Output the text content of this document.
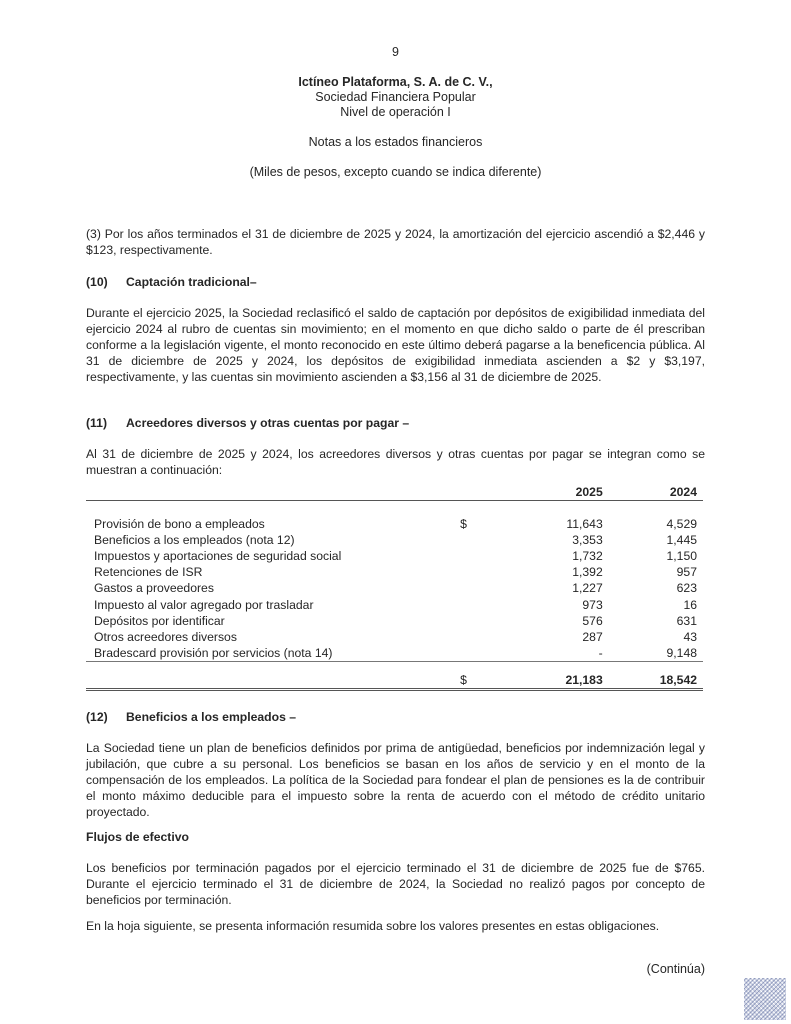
9
Ictíneo Plataforma, S. A. de C. V.,
Sociedad Financiera Popular
Nivel de operación I
Notas a los estados financieros
(Miles de pesos, excepto cuando se indica diferente)

(3) Por los años terminados el 31 de diciembre de 2025 y 2024, la amortización del ejercicio ascendió a $2,446 y $123, respectivamente.

(10) Captación tradicional–

Durante el ejercicio 2025, la Sociedad reclasificó el saldo de captación por depósitos de exigibilidad inmediata del ejercicio 2024 al rubro de cuentas sin movimiento; en el momento en que dicho saldo o parte de él prescriban conforme a la legislación vigente, el monto reconocido en este último deberá pagarse a la beneficencia pública. Al 31 de diciembre de 2025 y 2024, los depósitos de exigibilidad inmediata ascienden a $2 y $3,197, respectivamente, y las cuentas sin movimiento ascienden a $3,156 al 31 de diciembre de 2025.

(11) Acreedores diversos y otras cuentas por pagar –

Al 31 de diciembre de 2025 y 2024, los acreedores diversos y otras cuentas por pagar se integran como se muestran a continuación:

		2025	2024

Provisión de bono a empleados	$	11,643	4,529
Beneficios a los empleados (nota 12)		3,353	1,445
Impuestos y aportaciones de seguridad social		1,732	1,150
Retenciones de ISR		1,392	957
Gastos a proveedores		1,227	623
Impuesto al valor agregado por trasladar		973	16
Depósitos por identificar		576	631
Otros acreedores diversos		287	43
Bradescard provisión por servicios (nota 14)		-	9,148

	$	21,183	18,542

(12) Beneficios a los empleados –

La Sociedad tiene un plan de beneficios definidos por prima de antigüedad, beneficios por indemnización legal y jubilación, que cubre a su personal. Los beneficios se basan en los años de servicio y en el monto de la compensación de los empleados. La política de la Sociedad para fondear el plan de pensiones es la de contribuir el monto máximo deducible para el impuesto sobre la renta de acuerdo con el método de crédito unitario proyectado.

Flujos de efectivo

Los beneficios por terminación pagados por el ejercicio terminado el 31 de diciembre de 2025 fue de $765. Durante el ejercicio terminado el 31 de diciembre de 2024, la Sociedad no realizó pagos por concepto de beneficios por terminación.

En la hoja siguiente, se presenta información resumida sobre los valores presentes en estas obligaciones.

(Continúa)
